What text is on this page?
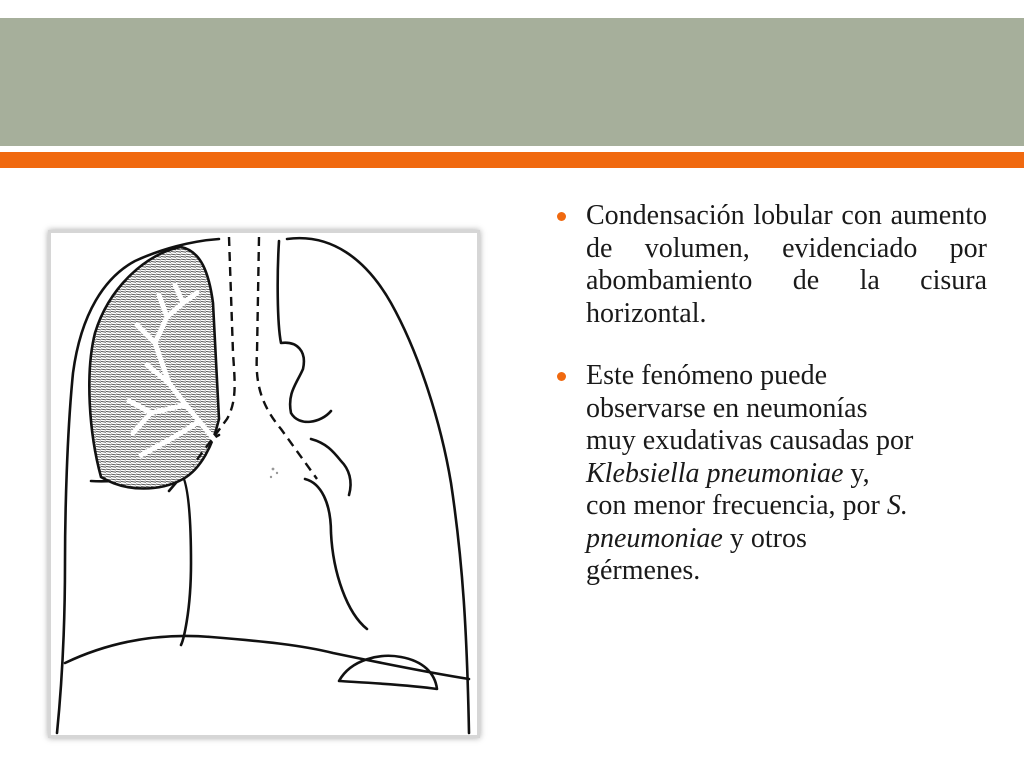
Condensación lobular con aumento de volumen, evidenciado por abombamiento de la cisura horizontal.
Este fenómeno puede
observarse en neumonías
muy exudativas causadas por
Klebsiella pneumoniae y,
con menor frecuencia, por S.
pneumoniae y otros
gérmenes.
